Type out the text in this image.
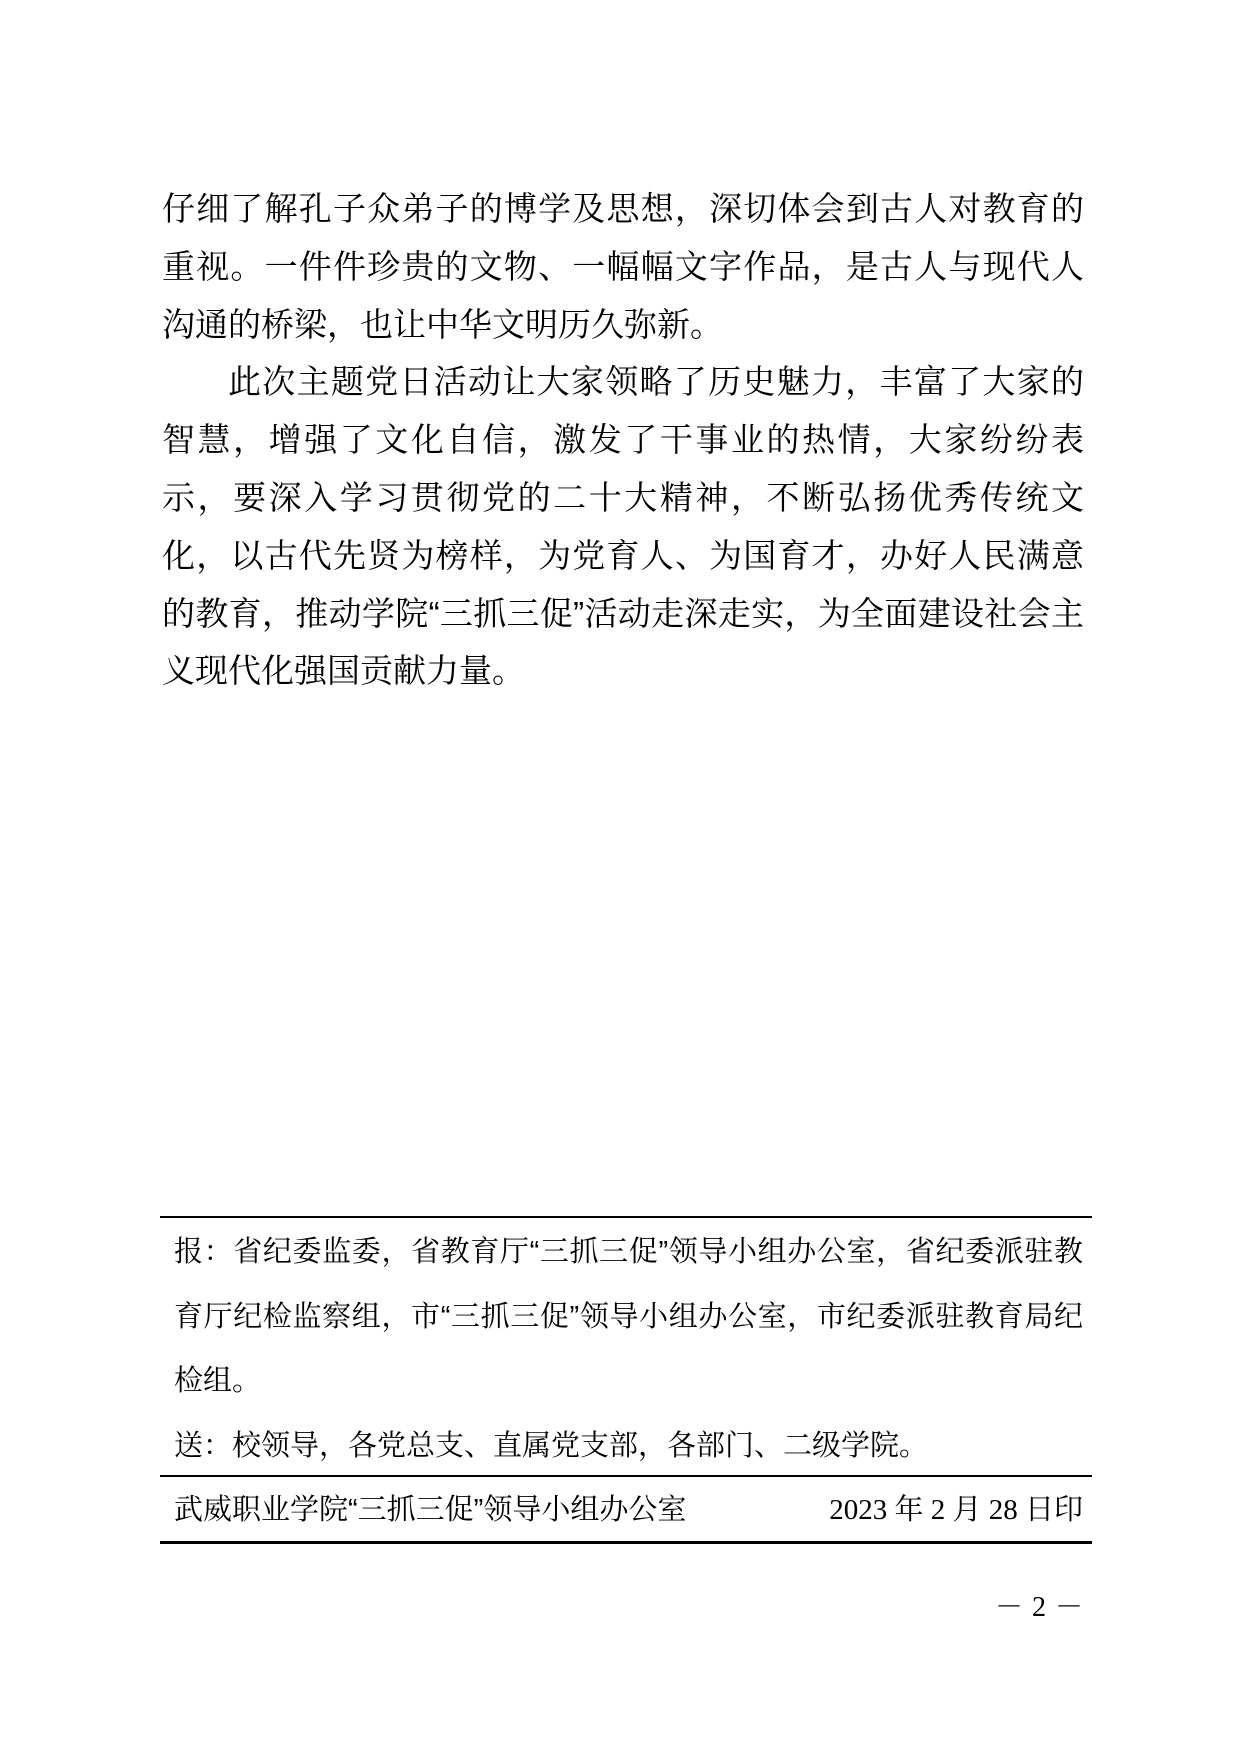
仔细了解孔子众弟子的博学及思想，深切体会到古人对教育的重视。一件件珍贵的文物、一幅幅文字作品，是古人与现代人沟通的桥梁，也让中华文明历久弥新。

此次主题党日活动让大家领略了历史魅力，丰富了大家的智慧，增强了文化自信，激发了干事业的热情，大家纷纷表示，要深入学习贯彻党的二十大精神，不断弘扬优秀传统文化，以古代先贤为榜样，为党育人、为国育才，办好人民满意的教育，推动学院“三抓三促”活动走深走实，为全面建设社会主义现代化强国贡献力量。

报：省纪委监委，省教育厅“三抓三促”领导小组办公室，省纪委派驻教育厅纪检监察组，市“三抓三促”领导小组办公室，市纪委派驻教育局纪检组。

送：校领导，各党总支、直属党支部，各部门、二级学院。

武威职业学院“三抓三促”领导小组办公室	2023 年 2 月 28 日印
－ 2 －
